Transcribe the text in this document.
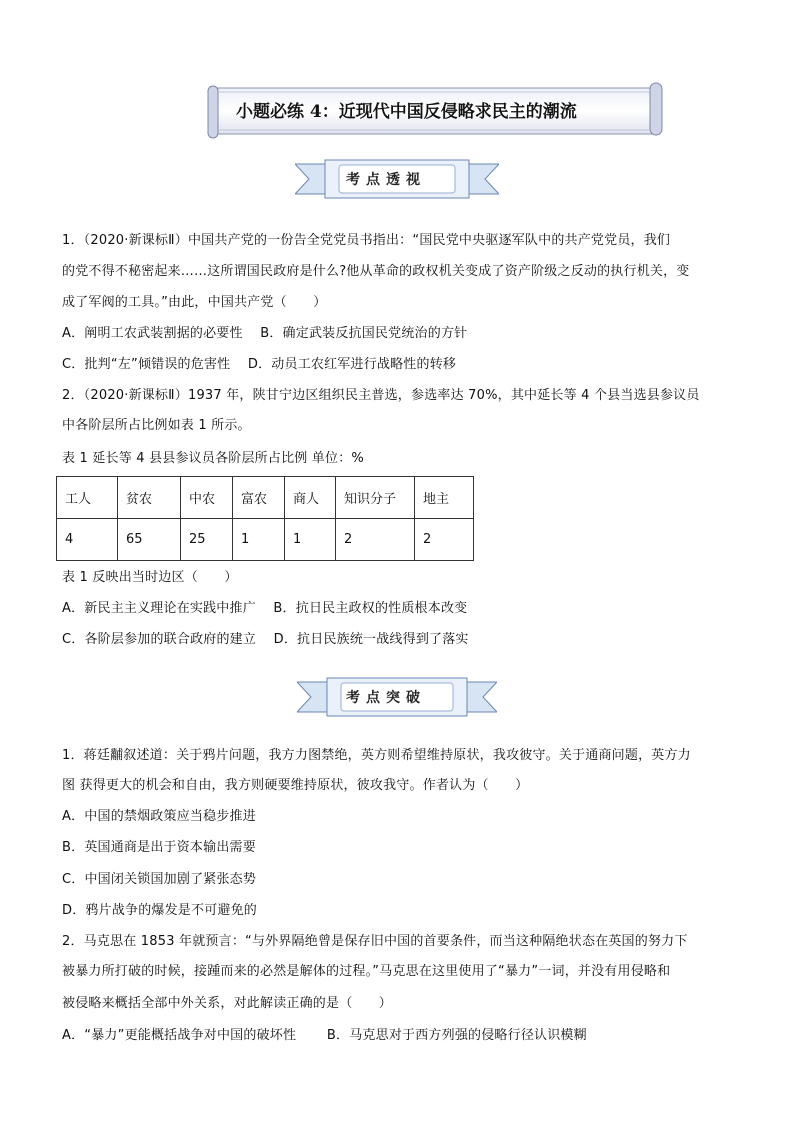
小题必练 4：近现代中国反侵略求民主的潮流
考点透视
1．（2020·新课标Ⅱ）中国共产党的一份告全党党员书指出：“国民党中央驱逐军队中的共产党党员，我们
的党不得不秘密起来……这所谓国民政府是什么?他从革命的政权机关变成了资产阶级之反动的执行机关，变
成了军阀的工具。”由此，中国共产党（　　）
A．阐明工农武装割据的必要性　 B．确定武装反抗国民党统治的方针
C．批判“左”倾错误的危害性　 D．动员工农红军进行战略性的转移
2．（2020·新课标Ⅱ）1937 年，陕甘宁边区组织民主普选，参选率达 70%，其中延长等 4 个县当选县参议员
中各阶层所占比例如表 1 所示。
表 1 延长等 4 县县参议员各阶层所占比例 单位：%
工人	贫农	中农	富农	商人	知识分子	地主
4	65	25	1	1	2	2
表 1 反映出当时边区（　　）
A．新民主主义理论在实践中推广　 B．抗日民主政权的性质根本改变
C．各阶层参加的联合政府的建立　 D．抗日民族统一战线得到了落实
考点突破
1．蒋廷黼叙述道：关于鸦片问题，我方力图禁绝，英方则希望维持原状，我攻彼守。关于通商问题，英方力
图 获得更大的机会和自由，我方则硬要维持原状，彼攻我守。作者认为（　　）
A．中国的禁烟政策应当稳步推进
B．英国通商是出于资本输出需要
C．中国闭关锁国加剧了紧张态势
D．鸦片战争的爆发是不可避免的
2．马克思在 1853 年就预言：“与外界隔绝曾是保存旧中国的首要条件，而当这种隔绝状态在英国的努力下
被暴力所打破的时候，接踵而来的必然是解体的过程。”马克思在这里使用了“暴力”一词，并没有用侵略和
被侵略来概括全部中外关系，对此解读正确的是（　　）
A．“暴力”更能概括战争对中国的破坏性　　 B．马克思对于西方列强的侵略行径认识模糊
